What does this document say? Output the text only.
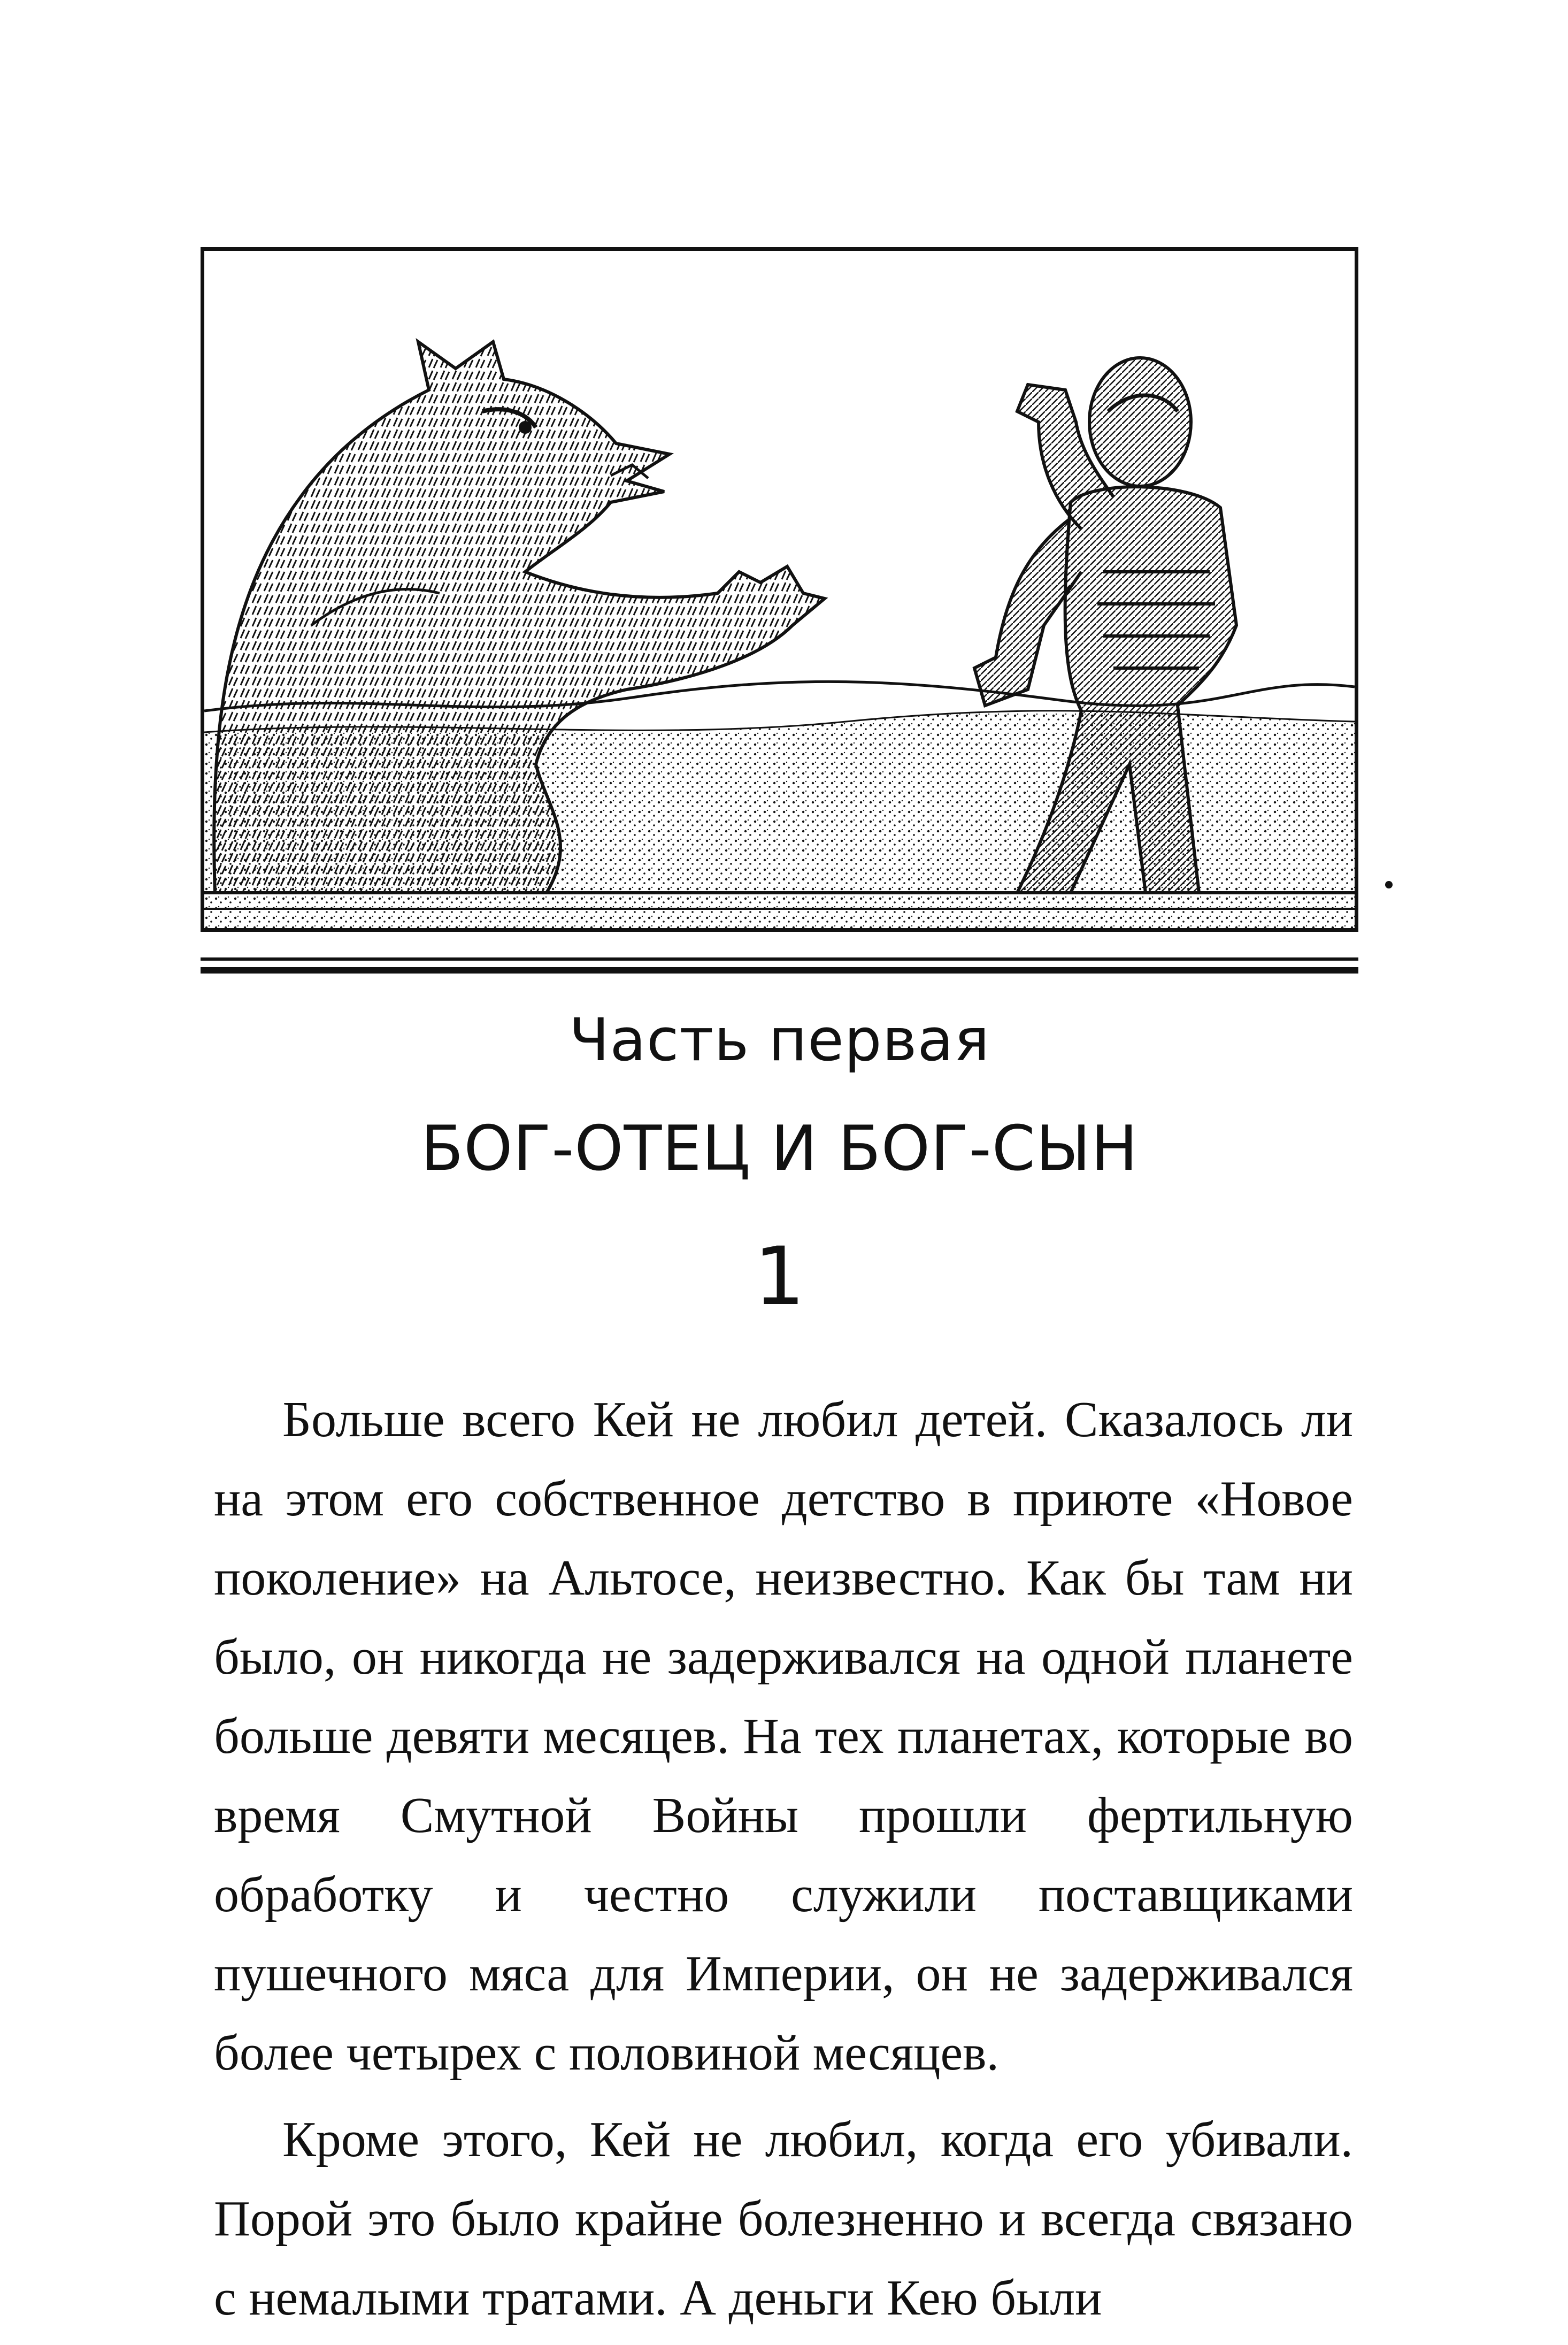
Часть первая
БОГ-ОТЕЦ И БОГ-СЫН
1

Больше всего Кей не любил детей. Сказалось ли на этом его собственное детство в приюте «Новое поколение» на Альтосе, неизвестно. Как бы там ни было, он никогда не задерживался на одной планете больше девяти месяцев. На тех планетах, которые во время Смутной Войны прошли фертильную обработку и честно служили поставщиками пушечного мяса для Империи, он не задерживался более четырех с половиной месяцев.

Кроме этого, Кей не любил, когда его убивали. Порой это было крайне болезненно и всегда связано с немалыми тратами. А деньги Кею были
